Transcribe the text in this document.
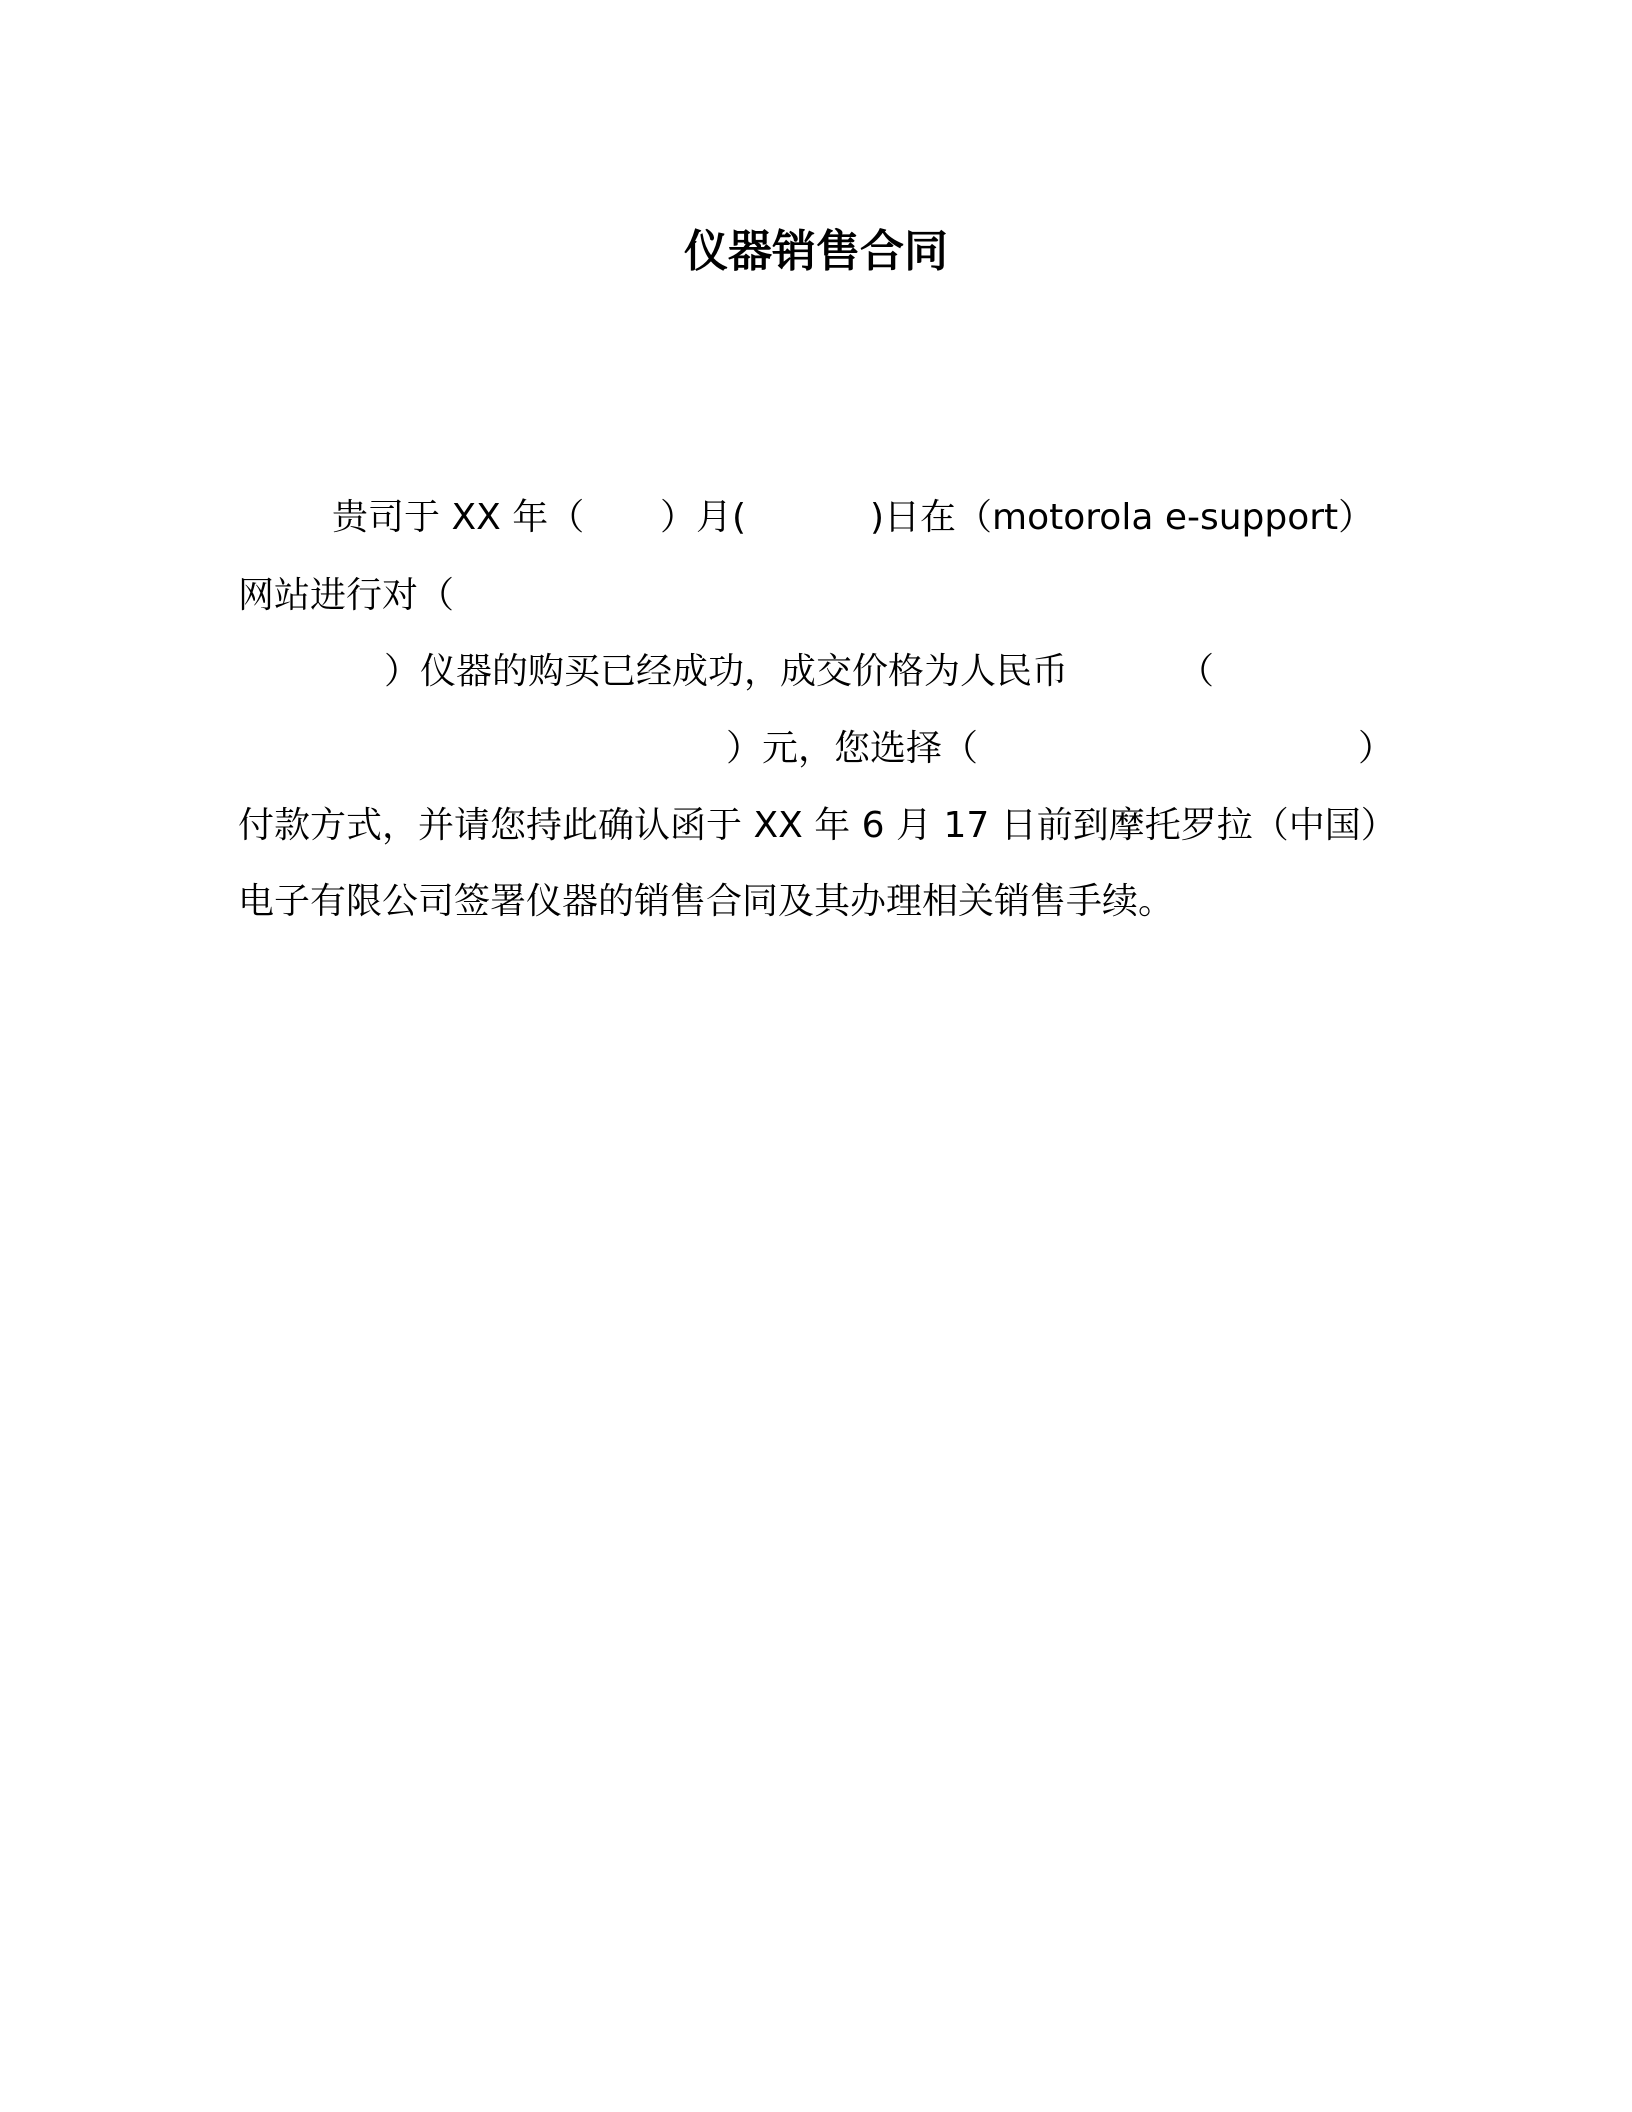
仪器销售合同
贵司于 XX 年（ ）月(	)日在（motorola e-support）
网站进行对（
）仪器的购买已经成功，成交价格为人民币	（
）元，您选择（	）
付款方式，并请您持此确认函于 XX 年 6 月 17 日前到摩托罗拉（中国）
电子有限公司签署仪器的销售合同及其办理相关销售手续。
